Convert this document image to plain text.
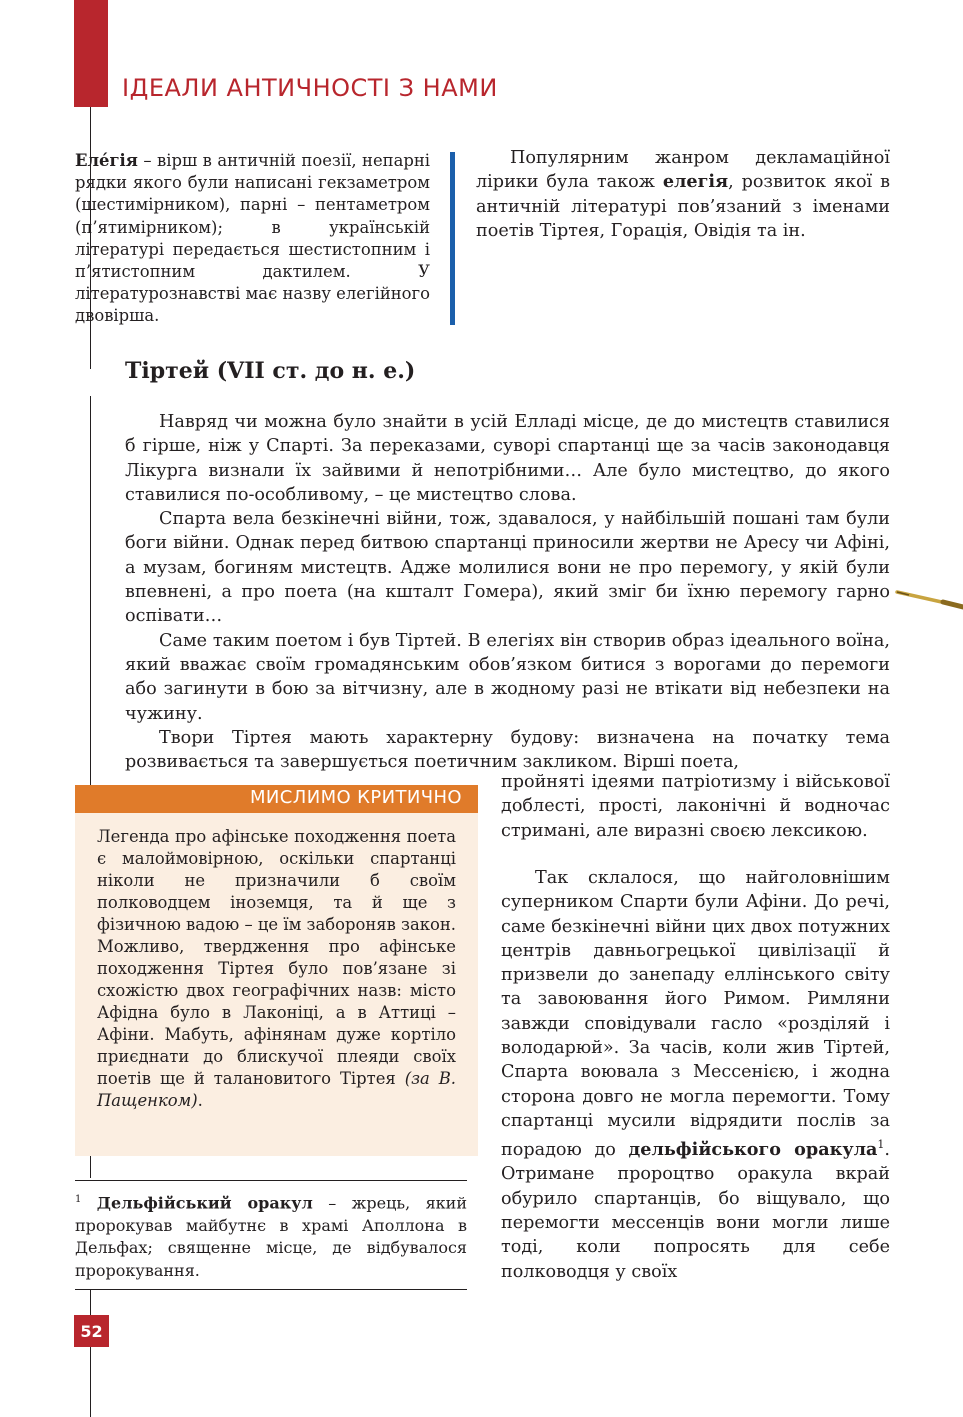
ІДЕАЛИ АНТИЧНОСТІ З НАМИ
Еле́гія – вірш в античній поезії, непарні рядки якого були написані гекзаметром (шестимірником), парні – пентаметром (п’ятимірником); в українській літературі передається шестистопним і п’ятистопним дактилем. У літературознавстві має назву елегійного двовірша.
Популярним жанром декламаційної лірики була також елегія, розвиток якої в античній літературі пов’язаний з іменами поетів Тіртея, Горація, Овідія та ін.
Тіртей (VII ст. до н. е.)

Навряд чи можна було знайти в усій Елладі місце, де до мистецтв ставилися б гірше, ніж у Спарті. За переказами, суворі спартанці ще за часів законодавця Лікурга визнали їх зайвими й непотрібними… Але було мистецтво, до якого ставилися по-особливому, – це мистецтво слова.

Спарта вела безкінечні війни, тож, здавалося, у найбільшій пошані там були боги війни. Однак перед битвою спартанці приносили жертви не Аресу чи Афіні, а музам, богиням мистецтв. Адже молилися вони не про перемогу, у якій були впевнені, а про поета (на кшталт Гомера), який зміг би їхню перемогу гарно оспівати…

Саме таким поетом і був Тіртей. В елегіях він створив образ ідеального воїна, який вважає своїм громадянським обов’язком битися з ворогами до перемоги або загинути в бою за вітчизну, але в жодному разі не втікати від небезпеки на чужину.

Твори Тіртея мають характерну будову: визначена на початку тема розвивається та завершується поетичним закликом. Вірші поета,

МИСЛИМО КРИТИЧНО

Легенда про афінське походження поета є малоймовірною, оскільки спартанці ніколи не призначили б своїм полководцем іноземця, та й ще з фізичною вадою – це їм забороняв закон.

Можливо, твердження про афінське походження Тіртея було пов’язане зі схожістю двох географічних назв: місто Афідна було в Лаконіці, а в Аттиці – Афіни. Мабуть, афінянам дуже кортіло приєднати до блискучої плеяди своїх поетів ще й талановитого Тіртея (за В. Пащенком).

пройняті ідеями патріотизму і військової доблесті, прості, лаконічні й водночас стримані, але виразні своєю лексикою.

Так склалося, що найголовнішим суперником Спарти були Афіни. До речі, саме безкінечні війни цих двох потужних центрів давньогрецької цивілізації й призвели до занепаду еллінського світу та завоювання його Римом. Римляни завжди сповідували гасло «розділяй і володарюй». За часів, коли жив Тіртей, Спарта воювала з Мессенією, і жодна сторона довго не могла перемогти. Тому спартанці мусили відрядити послів за порадою до дельфійського оракула$^1$. Отримане пророцтво оракула вкрай обурило спартанців, бо віщувало, що перемогти мессенців вони могли лише тоді, коли попросять для себе полководця у своїх

$^1$ Дельфійський оракул – жрець, який пророкував майбутнє в храмі Аполлона в Дельфах; священне місце, де відбувалося пророкування.
52
